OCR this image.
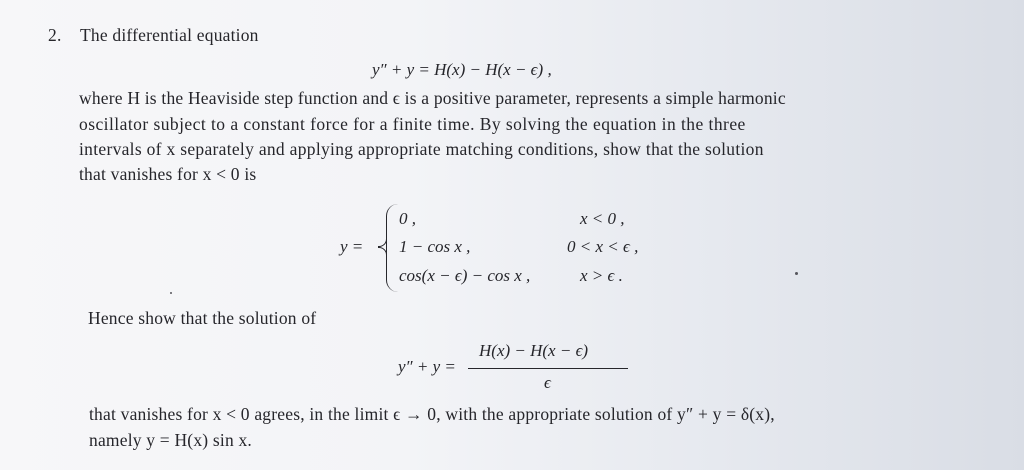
2. The differential equation
y″ + y = H(x) − H(x − ϵ) ,
where H is the Heaviside step function and ϵ is a positive parameter, represents a simple harmonic
oscillator subject to a constant force for a finite time. By solving the equation in the three
intervals of x separately and applying appropriate matching conditions, show that the solution
that vanishes for x < 0 is
y =
0 ,	x < 0 ,
1 − cos x ,	0 < x < ϵ ,
cos(x − ϵ) − cos x ,	x > ϵ .
Hence show that the solution of
y″ + y =
H(x) − H(x − ϵ)
ϵ
that vanishes for x < 0 agrees, in the limit ϵ → 0, with the appropriate solution of y″ + y = δ(x),
namely y = H(x) sin x.
